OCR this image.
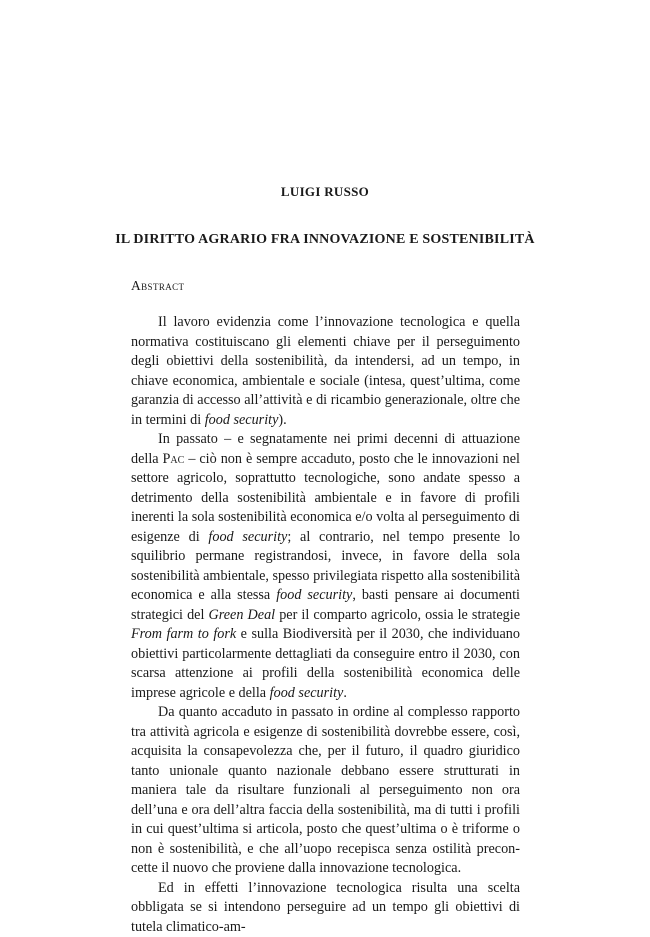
LUIGI RUSSO
IL DIRITTO AGRARIO FRA INNOVAZIONE E SOSTENIBILITÀ
Abstract

Il lavoro evidenzia come l’innovazione tecnologica e quella normativa costituiscano gli elementi chiave per il perseguimento degli obiettivi della sostenibilità, da intendersi, ad un tempo, in chiave economica, ambientale e sociale (intesa, quest’ultima, come garanzia di accesso all’attività e di ricambio generazionale, oltre che in termini di food security).

In passato – e segnatamente nei primi decenni di attuazione della Pac – ciò non è sempre accaduto, posto che le innovazioni nel settore agricolo, soprattutto tecnologiche, sono andate spesso a detrimento della sostenibilità ambientale e in favore di profili inerenti la sola sostenibilità economica e/o volta al perseguimento di esigenze di food security; al contrario, nel tempo presente lo squilibrio permane registrandosi, invece, in favore della sola sostenibilità ambientale, spesso privilegiata rispetto alla sostenibilità economica e alla stessa food security, basti pensare ai documenti strategici del Green Deal per il comparto agricolo, ossia le strategie From farm to fork e sulla Biodiversità per il 2030, che individuano obiettivi particolarmente dettagliati da conseguire entro il 2030, con scarsa attenzione ai profili della sostenibilità economica delle imprese agricole e della food security.

Da quanto accaduto in passato in ordine al complesso rapporto tra attività agricola e esigenze di sostenibilità dovrebbe essere, così, acquisita la consapevolezza che, per il futuro, il quadro giuridico tanto unionale quanto nazionale debbano essere strutturati in maniera tale da risultare funzionali al perseguimento non ora dell’una e ora dell’altra faccia della sostenibilità, ma di tutti i profili in cui quest’ultima si articola, posto che quest’ultima o è triforme o non è sostenibilità, e che all’uopo recepisca senza ostilità preconcette il nuovo che proviene dalla innovazione tecnologica.

Ed in effetti l’innovazione tecnologica risulta una scelta obbligata se si intendono perseguire ad un tempo gli obiettivi di tutela climatico-am-
